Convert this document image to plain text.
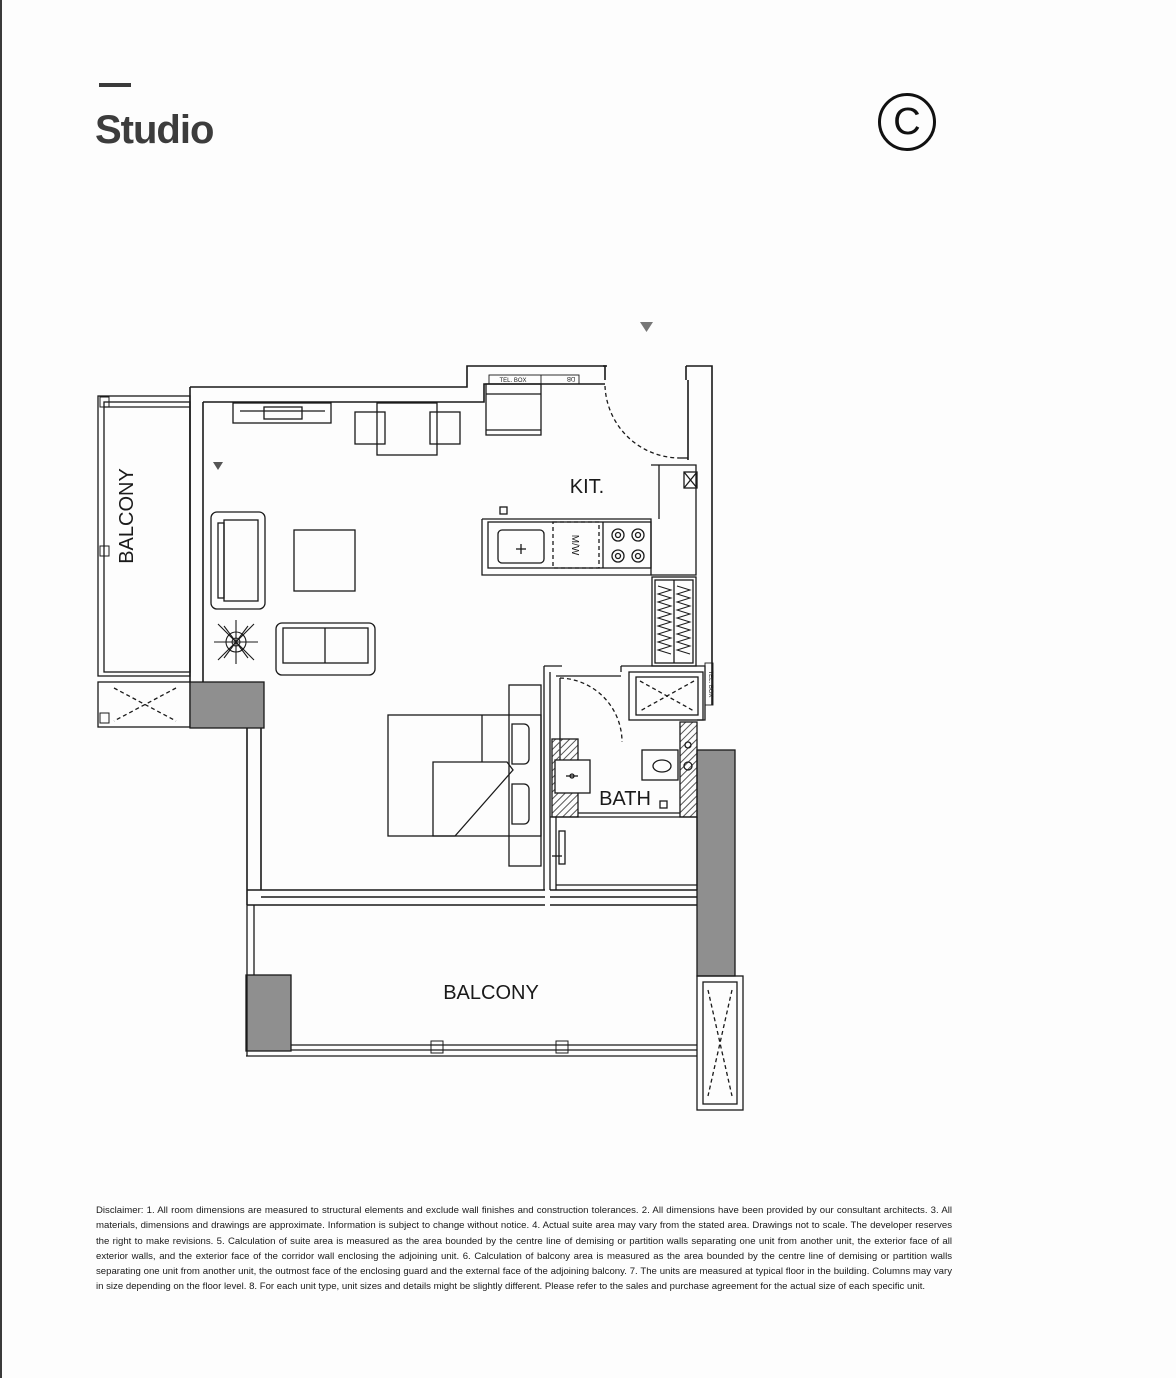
Studio	C
BALCONY
BALCONY
KIT.
BATH
TEL. BOX	DB
M/W
TEL. BOX
Disclaimer: 1. All room dimensions are measured to structural elements and exclude wall finishes and construction tolerances. 2. All dimensions have been provided by our consultant architects. 3. All materials, dimensions and drawings are approximate. Information is subject to change without notice. 4. Actual suite area may vary from the stated area. Drawings not to scale. The developer reserves the right to make revisions. 5. Calculation of suite area is measured as the area bounded by the centre line of demising or partition walls separating one unit from another unit, the exterior face of all exterior walls, and the exterior face of the corridor wall enclosing the adjoining unit. 6. Calculation of balcony area is measured as the area bounded by the centre line of demising or partition walls separating one unit from another unit, the outmost face of the enclosing guard and the external face of the adjoining balcony. 7. The units are measured at typical floor in the building. Columns may vary in size depending on the floor level. 8. For each unit type, unit sizes and details might be slightly different. Please refer to the sales and purchase agreement for the actual size of each specific unit.
